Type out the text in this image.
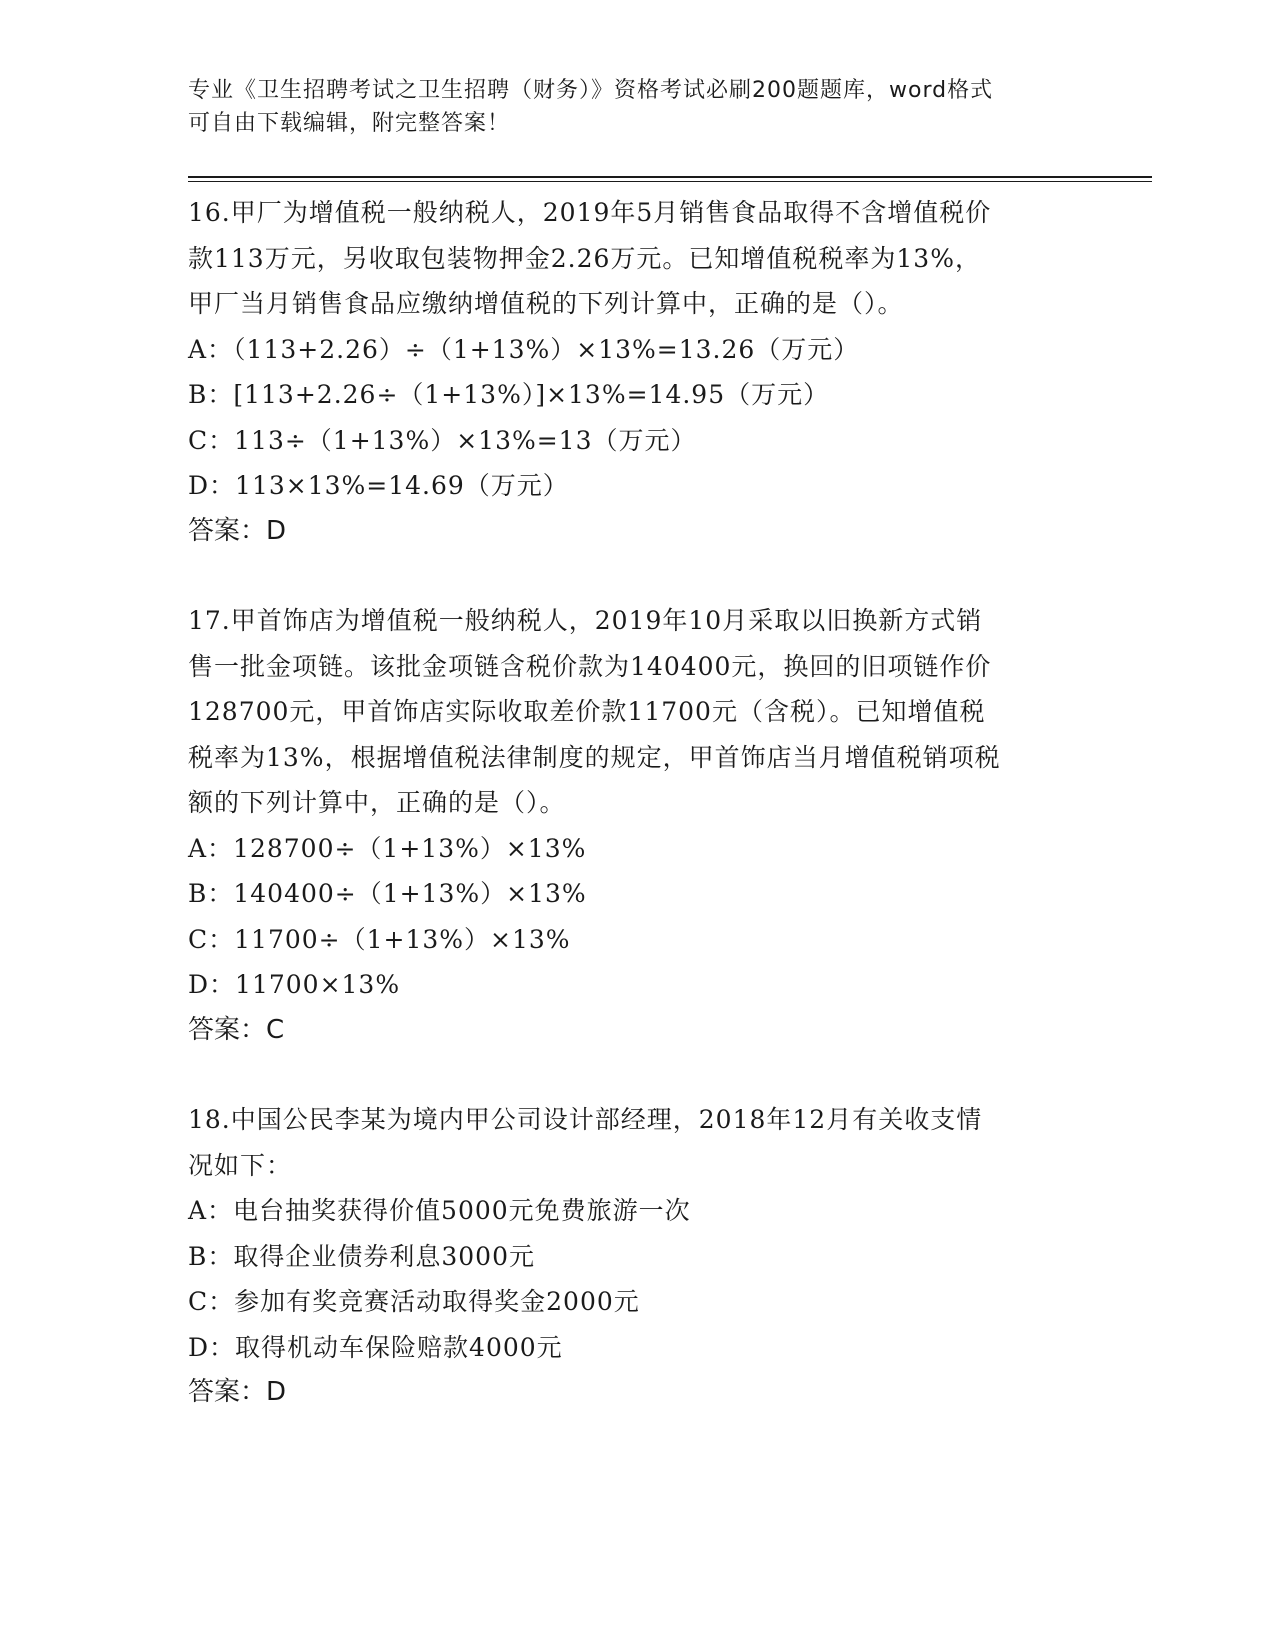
专业《卫生招聘考试之卫生招聘（财务）》资格考试必刷200题题库，word格式
可自由下载编辑，附完整答案！

16.甲厂为增值税一般纳税人，2019年5月销售食品取得不含增值税价

款113万元，另收取包装物押金2.26万元。已知增值税税率为13%，

甲厂当月销售食品应缴纳增值税的下列计算中，正确的是（）。

A：（113+2.26）÷（1+13%）×13%=13.26（万元）

B：[113+2.26÷（1+13%）]×13%=14.95（万元）

C：113÷（1+13%）×13%=13（万元）

D：113×13%=14.69（万元）

答案：D

17.甲首饰店为增值税一般纳税人，2019年10月采取以旧换新方式销

售一批金项链。该批金项链含税价款为140400元，换回的旧项链作价

128700元，甲首饰店实际收取差价款11700元（含税）。已知增值税

税率为13%，根据增值税法律制度的规定，甲首饰店当月增值税销项税

额的下列计算中，正确的是（）。

A：128700÷（1+13%）×13%

B：140400÷（1+13%）×13%

C：11700÷（1+13%）×13%

D：11700×13%

答案：C

18.中国公民李某为境内甲公司设计部经理，2018年12月有关收支情

况如下：

A：电台抽奖获得价值5000元免费旅游一次

B：取得企业债券利息3000元

C：参加有奖竞赛活动取得奖金2000元

D：取得机动车保险赔款4000元

答案：D
